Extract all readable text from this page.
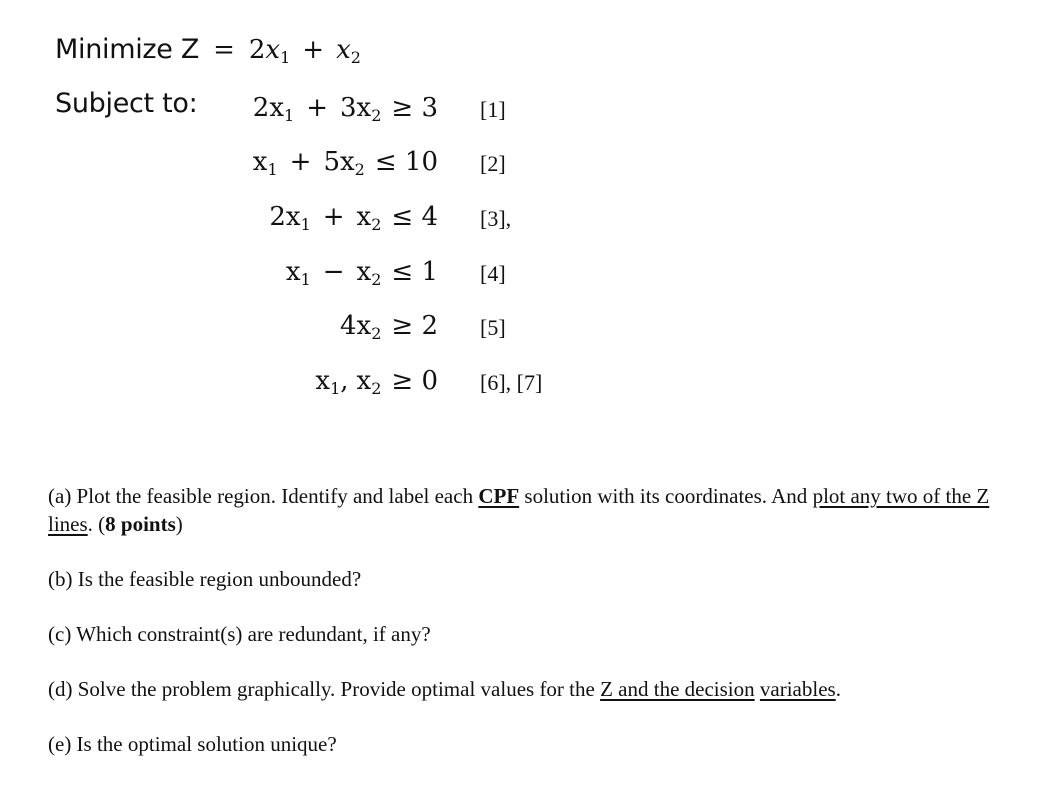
Minimize $Z = 2x_1 + x_2$
Subject to: $2x_1 + 3x_2 \ge 3$ [1]
$x_1 + 5x_2 \le 10$ [2]
$2x_1 + x_2 \le 4$ [3],
$x_1 - x_2 \le 1$ [4]
$4x_2 \ge 2$ [5]
$x_1$, $x_2 \ge 0$ [6], [7]
(a) Plot the feasible region. Identify and label each CPF solution with its coordinates. And plot any two of the Z lines. (8 points)
(b) Is the feasible region unbounded?
(c) Which constraint(s) are redundant, if any?
(d) Solve the problem graphically. Provide optimal values for the Z and the decision variables.
(e) Is the optimal solution unique?
